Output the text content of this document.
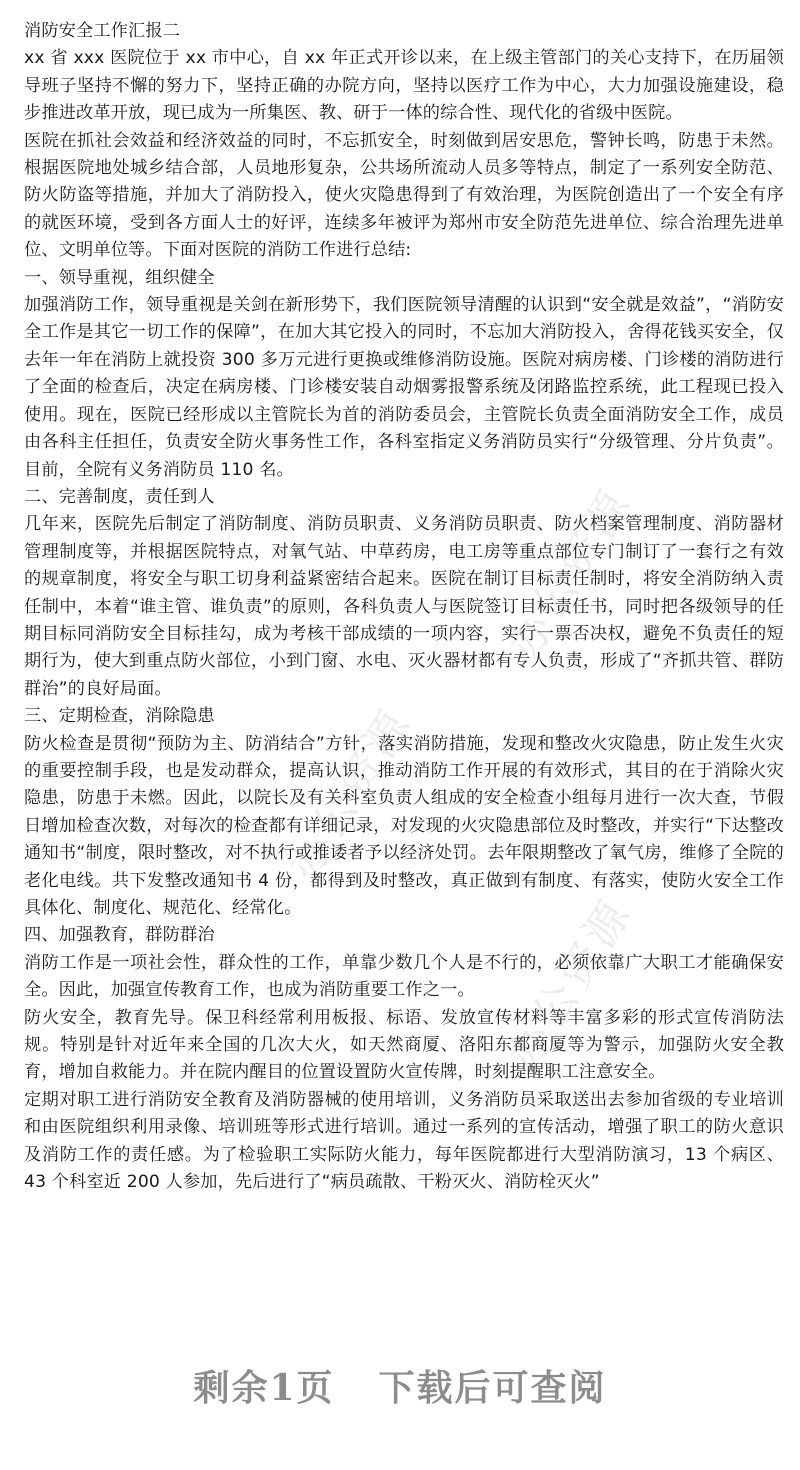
办公资源
办公资源
办公资源

消防安全工作汇报二

xx 省 xxx 医院位于 xx 市中心，自 xx 年正式开诊以来，在上级主管部门的关心支持下，在历届领导班子坚持不懈的努力下，坚持正确的办院方向，坚持以医疗工作为中心，大力加强设施建设，稳步推进改革开放，现已成为一所集医、教、研于一体的综合性、现代化的省级中医院。

医院在抓社会效益和经济效益的同时，不忘抓安全，时刻做到居安思危，警钟长鸣，防患于未然。根据医院地处城乡结合部，人员地形复杂，公共场所流动人员多等特点，制定了一系列安全防范、防火防盗等措施，并加大了消防投入，使火灾隐患得到了有效治理，为医院创造出了一个安全有序的就医环境，受到各方面人士的好评，连续多年被评为郑州市安全防范先进单位、综合治理先进单位、文明单位等。下面对医院的消防工作进行总结:

一、领导重视，组织健全

加强消防工作，领导重视是关剑在新形势下，我们医院领导清醒的认识到“安全就是效益”，“消防安全工作是其它一切工作的保障”，在加大其它投入的同时，不忘加大消防投入，舍得花钱买安全，仅去年一年在消防上就投资 300 多万元进行更换或维修消防设施。医院对病房楼、门诊楼的消防进行了全面的检查后，决定在病房楼、门诊楼安装自动烟雾报警系统及闭路监控系统，此工程现已投入使用。现在，医院已经形成以主管院长为首的消防委员会，主管院长负责全面消防安全工作，成员由各科主任担任，负责安全防火事务性工作，各科室指定义务消防员实行“分级管理、分片负责”。目前，全院有义务消防员 110 名。

二、完善制度，责任到人

几年来，医院先后制定了消防制度、消防员职责、义务消防员职责、防火档案管理制度、消防器材管理制度等，并根据医院特点，对氧气站、中草药房，电工房等重点部位专门制订了一套行之有效的规章制度，将安全与职工切身利益紧密结合起来。医院在制订目标责任制时，将安全消防纳入责任制中，本着“谁主管、谁负责”的原则，各科负责人与医院签订目标责任书，同时把各级领导的任期目标同消防安全目标挂勾，成为考核干部成绩的一项内容，实行一票否决权，避免不负责任的短期行为，使大到重点防火部位，小到门窗、水电、灭火器材都有专人负责，形成了“齐抓共管、群防群治”的良好局面。

三、定期检查，消除隐患

防火检查是贯彻“预防为主、防消结合”方针，落实消防措施，发现和整改火灾隐患，防止发生火灾的重要控制手段，也是发动群众，提高认识，推动消防工作开展的有效形式，其目的在于消除火灾隐患，防患于未燃。因此，以院长及有关科室负责人组成的安全检查小组每月进行一次大查，节假日增加检查次数，对每次的检查都有详细记录，对发现的火灾隐患部位及时整改，并实行“下达整改通知书“制度，限时整改，对不执行或推诿者予以经济处罚。去年限期整改了氧气房，维修了全院的老化电线。共下发整改通知书 4 份，都得到及时整改，真正做到有制度、有落实，使防火安全工作具体化、制度化、规范化、经常化。

四、加强教育，群防群治

消防工作是一项社会性，群众性的工作，单靠少数几个人是不行的，必须依靠广大职工才能确保安全。因此，加强宣传教育工作，也成为消防重要工作之一。

防火安全，教育先导。保卫科经常利用板报、标语、发放宣传材料等丰富多彩的形式宣传消防法规。特别是针对近年来全国的几次大火，如天然商厦、洛阳东都商厦等为警示，加强防火安全教育，增加自救能力。并在院内醒目的位置设置防火宣传牌，时刻提醒职工注意安全。

定期对职工进行消防安全教育及消防器械的使用培训，义务消防员采取送出去参加省级的专业培训和由医院组织利用录像、培训班等形式进行培训。通过一系列的宣传活动，增强了职工的防火意识及消防工作的责任感。为了检验职工实际防火能力，每年医院都进行大型消防演习，13 个病区、43 个科室近 200 人参加，先后进行了“病员疏散、干粉灭火、消防栓灭火”

剩余1页 下载后可查阅
